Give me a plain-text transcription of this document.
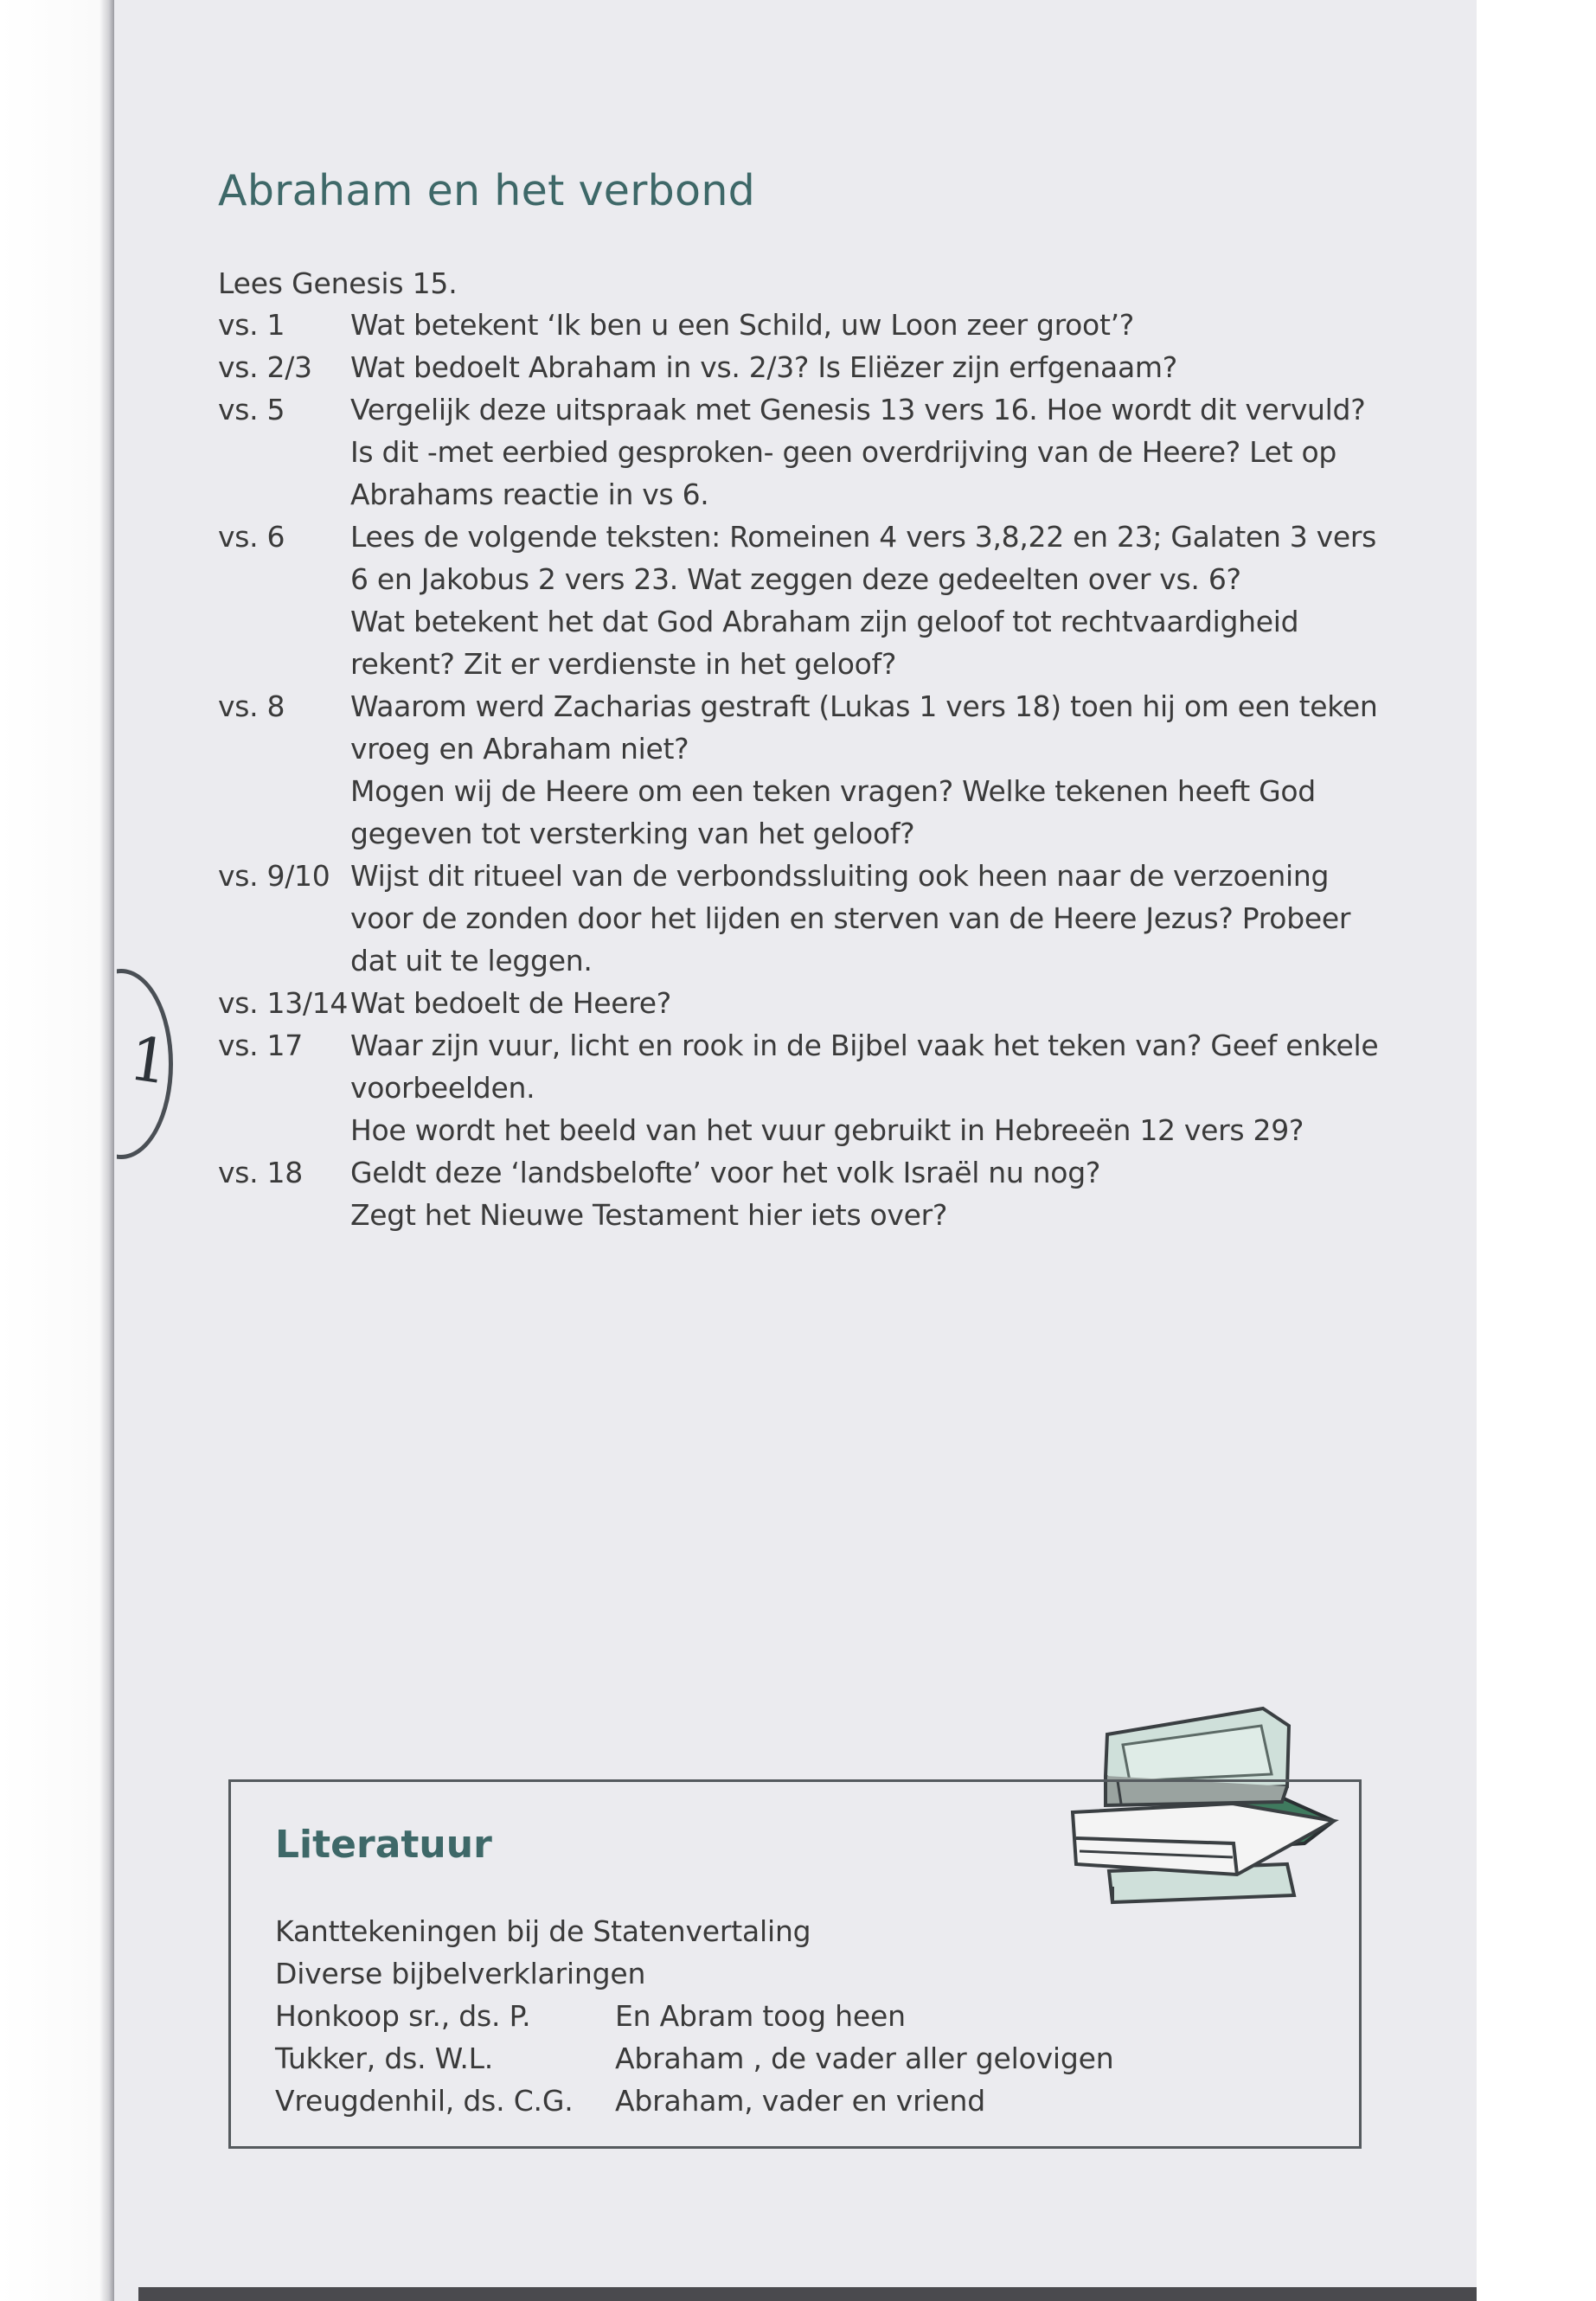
1
Abraham en het verbond
Lees Genesis 15.
vs. 1	Wat betekent ‘Ik ben u een Schild, uw Loon zeer groot’?
vs. 2/3	Wat bedoelt Abraham in vs. 2/3? Is Eliëzer zijn erfgenaam?
vs. 5	Vergelijk deze uitspraak met Genesis 13 vers 16. Hoe wordt dit vervuld?
Is dit -met eerbied gesproken- geen overdrijving van de Heere? Let op
Abrahams reactie in vs 6.
vs. 6	Lees de volgende teksten: Romeinen 4 vers 3,8,22 en 23; Galaten 3 vers
6 en Jakobus 2 vers 23. Wat zeggen deze gedeelten over vs. 6?
Wat betekent het dat God Abraham zijn geloof tot rechtvaardigheid
rekent? Zit er verdienste in het geloof?
vs. 8	Waarom werd Zacharias gestraft (Lukas 1 vers 18) toen hij om een teken
vroeg en Abraham niet?
Mogen wij de Heere om een teken vragen? Welke tekenen heeft God
gegeven tot versterking van het geloof?
vs. 9/10 Wijst dit ritueel van de verbondssluiting ook heen naar de verzoening
voor de zonden door het lijden en sterven van de Heere Jezus? Probeer
dat uit te leggen.
vs. 13/14 Wat bedoelt de Heere?
vs. 17	Waar zijn vuur, licht en rook in de Bijbel vaak het teken van? Geef enkele
voorbeelden.
Hoe wordt het beeld van het vuur gebruikt in Hebreeën 12 vers 29?
vs. 18	Geldt deze ‘landsbelofte’ voor het volk Israël nu nog?
Zegt het Nieuwe Testament hier iets over?
Literatuur
Kanttekeningen bij de Statenvertaling
Diverse bijbelverklaringen
Honkoop sr., ds. P.	En Abram toog heen
Tukker, ds. W.L.	Abraham , de vader aller gelovigen
Vreugdenhil, ds. C.G.	Abraham, vader en vriend
